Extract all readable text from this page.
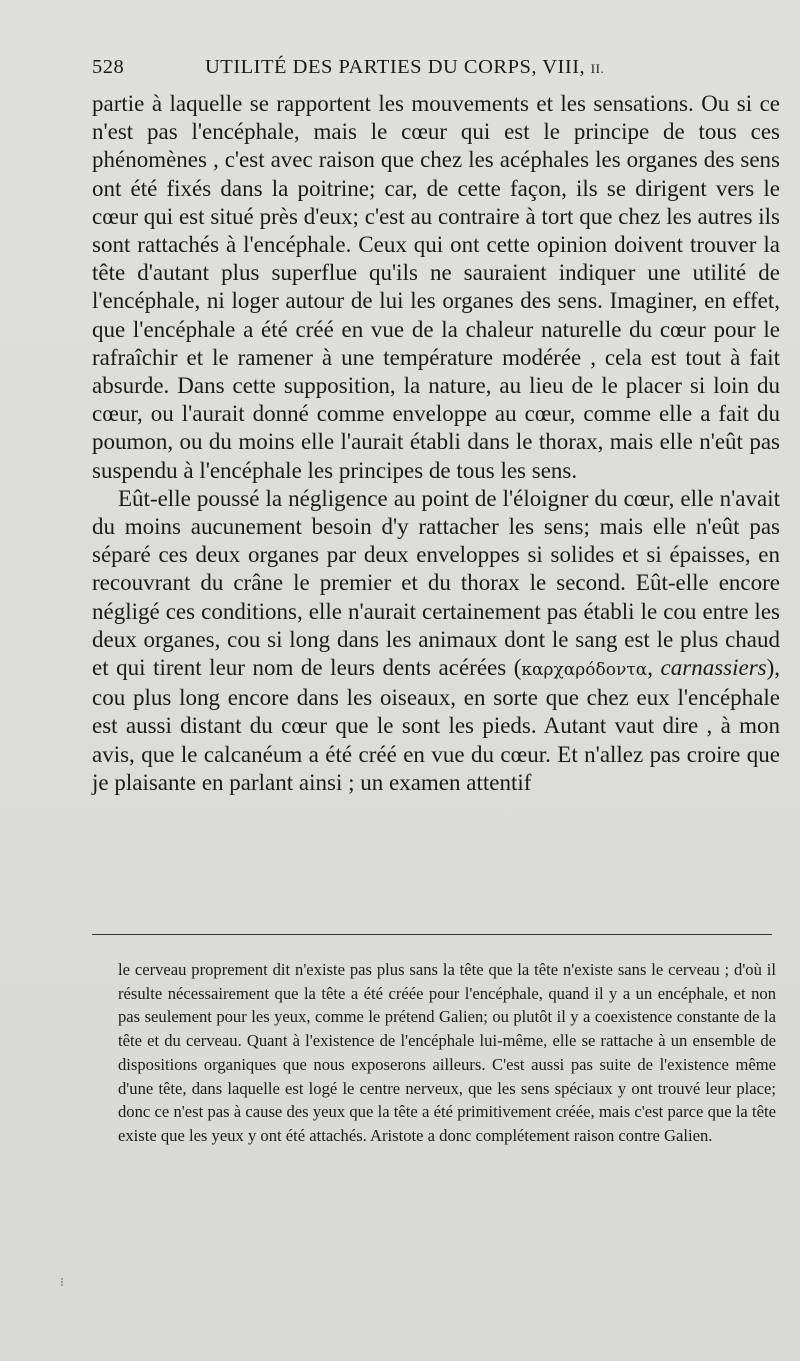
528	UTILITÉ DES PARTIES DU CORPS, VIII, II.

partie à laquelle se rapportent les mouvements et les sensations. Ou si ce n'est pas l'encéphale, mais le cœur qui est le principe de tous ces phénomènes , c'est avec raison que chez les acéphales les organes des sens ont été fixés dans la poitrine; car, de cette façon, ils se dirigent vers le cœur qui est situé près d'eux; c'est au contraire à tort que chez les autres ils sont rattachés à l'encéphale. Ceux qui ont cette opinion doivent trouver la tête d'autant plus superflue qu'ils ne sauraient indiquer une utilité de l'encéphale, ni loger autour de lui les organes des sens. Imaginer, en effet, que l'encéphale a été créé en vue de la chaleur naturelle du cœur pour le rafraîchir et le ramener à une température modérée , cela est tout à fait absurde. Dans cette supposition, la nature, au lieu de le placer si loin du cœur, ou l'aurait donné comme enveloppe au cœur, comme elle a fait du poumon, ou du moins elle l'aurait établi dans le thorax, mais elle n'eût pas suspendu à l'encéphale les principes de tous les sens.

Eût-elle poussé la négligence au point de l'éloigner du cœur, elle n'avait du moins aucunement besoin d'y rattacher les sens; mais elle n'eût pas séparé ces deux organes par deux enveloppes si solides et si épaisses, en recouvrant du crâne le premier et du thorax le second. Eût-elle encore négligé ces conditions, elle n'aurait certainement pas établi le cou entre les deux organes, cou si long dans les animaux dont le sang est le plus chaud et qui tirent leur nom de leurs dents acérées (καρχαρόδοντα, carnassiers), cou plus long encore dans les oiseaux, en sorte que chez eux l'encéphale est aussi distant du cœur que le sont les pieds. Autant vaut dire , à mon avis, que le calcanéum a été créé en vue du cœur. Et n'allez pas croire que je plaisante en parlant ainsi ; un examen attentif

le cerveau proprement dit n'existe pas plus sans la tête que la tête n'existe sans le cerveau ; d'où il résulte nécessairement que la tête a été créée pour l'encéphale, quand il y a un encéphale, et non pas seulement pour les yeux, comme le prétend Galien; ou plutôt il y a coexistence constante de la tête et du cerveau. Quant à l'existence de l'encéphale lui-même, elle se rattache à un ensemble de dispositions organiques que nous exposerons ailleurs. C'est aussi pas suite de l'existence même d'une tête, dans laquelle est logé le centre nerveux, que les sens spéciaux y ont trouvé leur place; donc ce n'est pas à cause des yeux que la tête a été primitivement créée, mais c'est parce que la tête existe que les yeux y ont été attachés. Aristote a donc complétement raison contre Galien.

⁝
